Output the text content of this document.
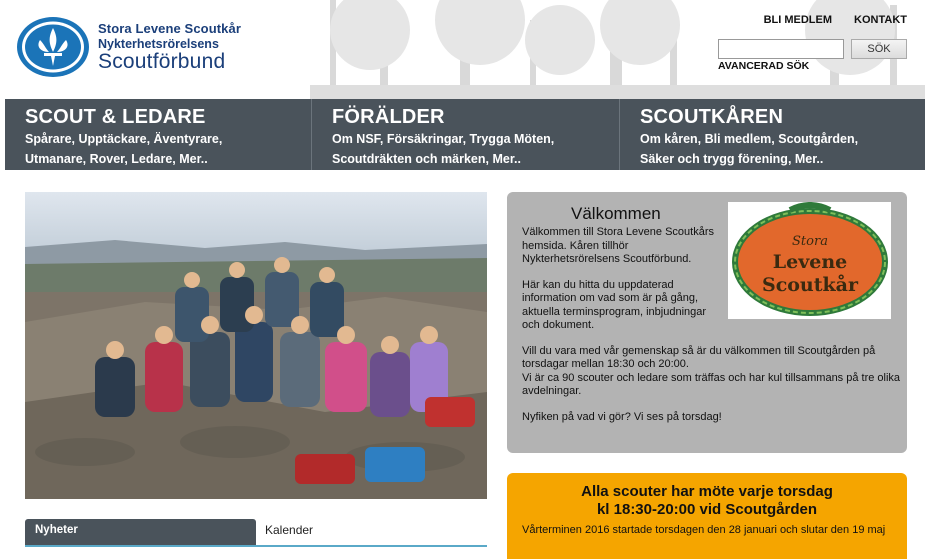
Stora Levene Scoutkår
Nykterhetsrörelsens
Scoutförbund
BLI MEDLEM KONTAKT
SÖK
AVANCERAD SÖK
SCOUT & LEDARE
Spårare, Upptäckare, Äventyrare,
Utmanare, Rover, Ledare, Mer..
FÖRÄLDER
Om NSF, Försäkringar, Trygga Möten,
Scoutdräkten och märken, Mer..
SCOUTKÅREN
Om kåren, Bli medlem, Scoutgården,
Säker och trygg förening, Mer..
Välkommen

Välkommen till Stora Levene Scoutkårs hemsida. Kåren tillhör Nykterhetsrörelsens Scoutförbund.

Här kan du hitta du uppdaterad information om vad som är på gång, aktuella terminsprogram, inbjudningar och dokument.

Vill du vara med vår gemenskap så är du välkommen till Scoutgården på torsdagar mellan 18:30 och 20:00.

Vi är ca 90 scouter och ledare som träffas och har kul tillsammans på tre olika avdelningar.

Nyfiken på vad vi gör? Vi ses på torsdag!

Stora
Levene
Scoutkår
Alla scouter har möte varje torsdag
kl 18:30-20:00 vid Scoutgården
Vårterminen 2016 startade torsdagen den 28 januari och slutar den 19 maj
Nyheter	Kalender
